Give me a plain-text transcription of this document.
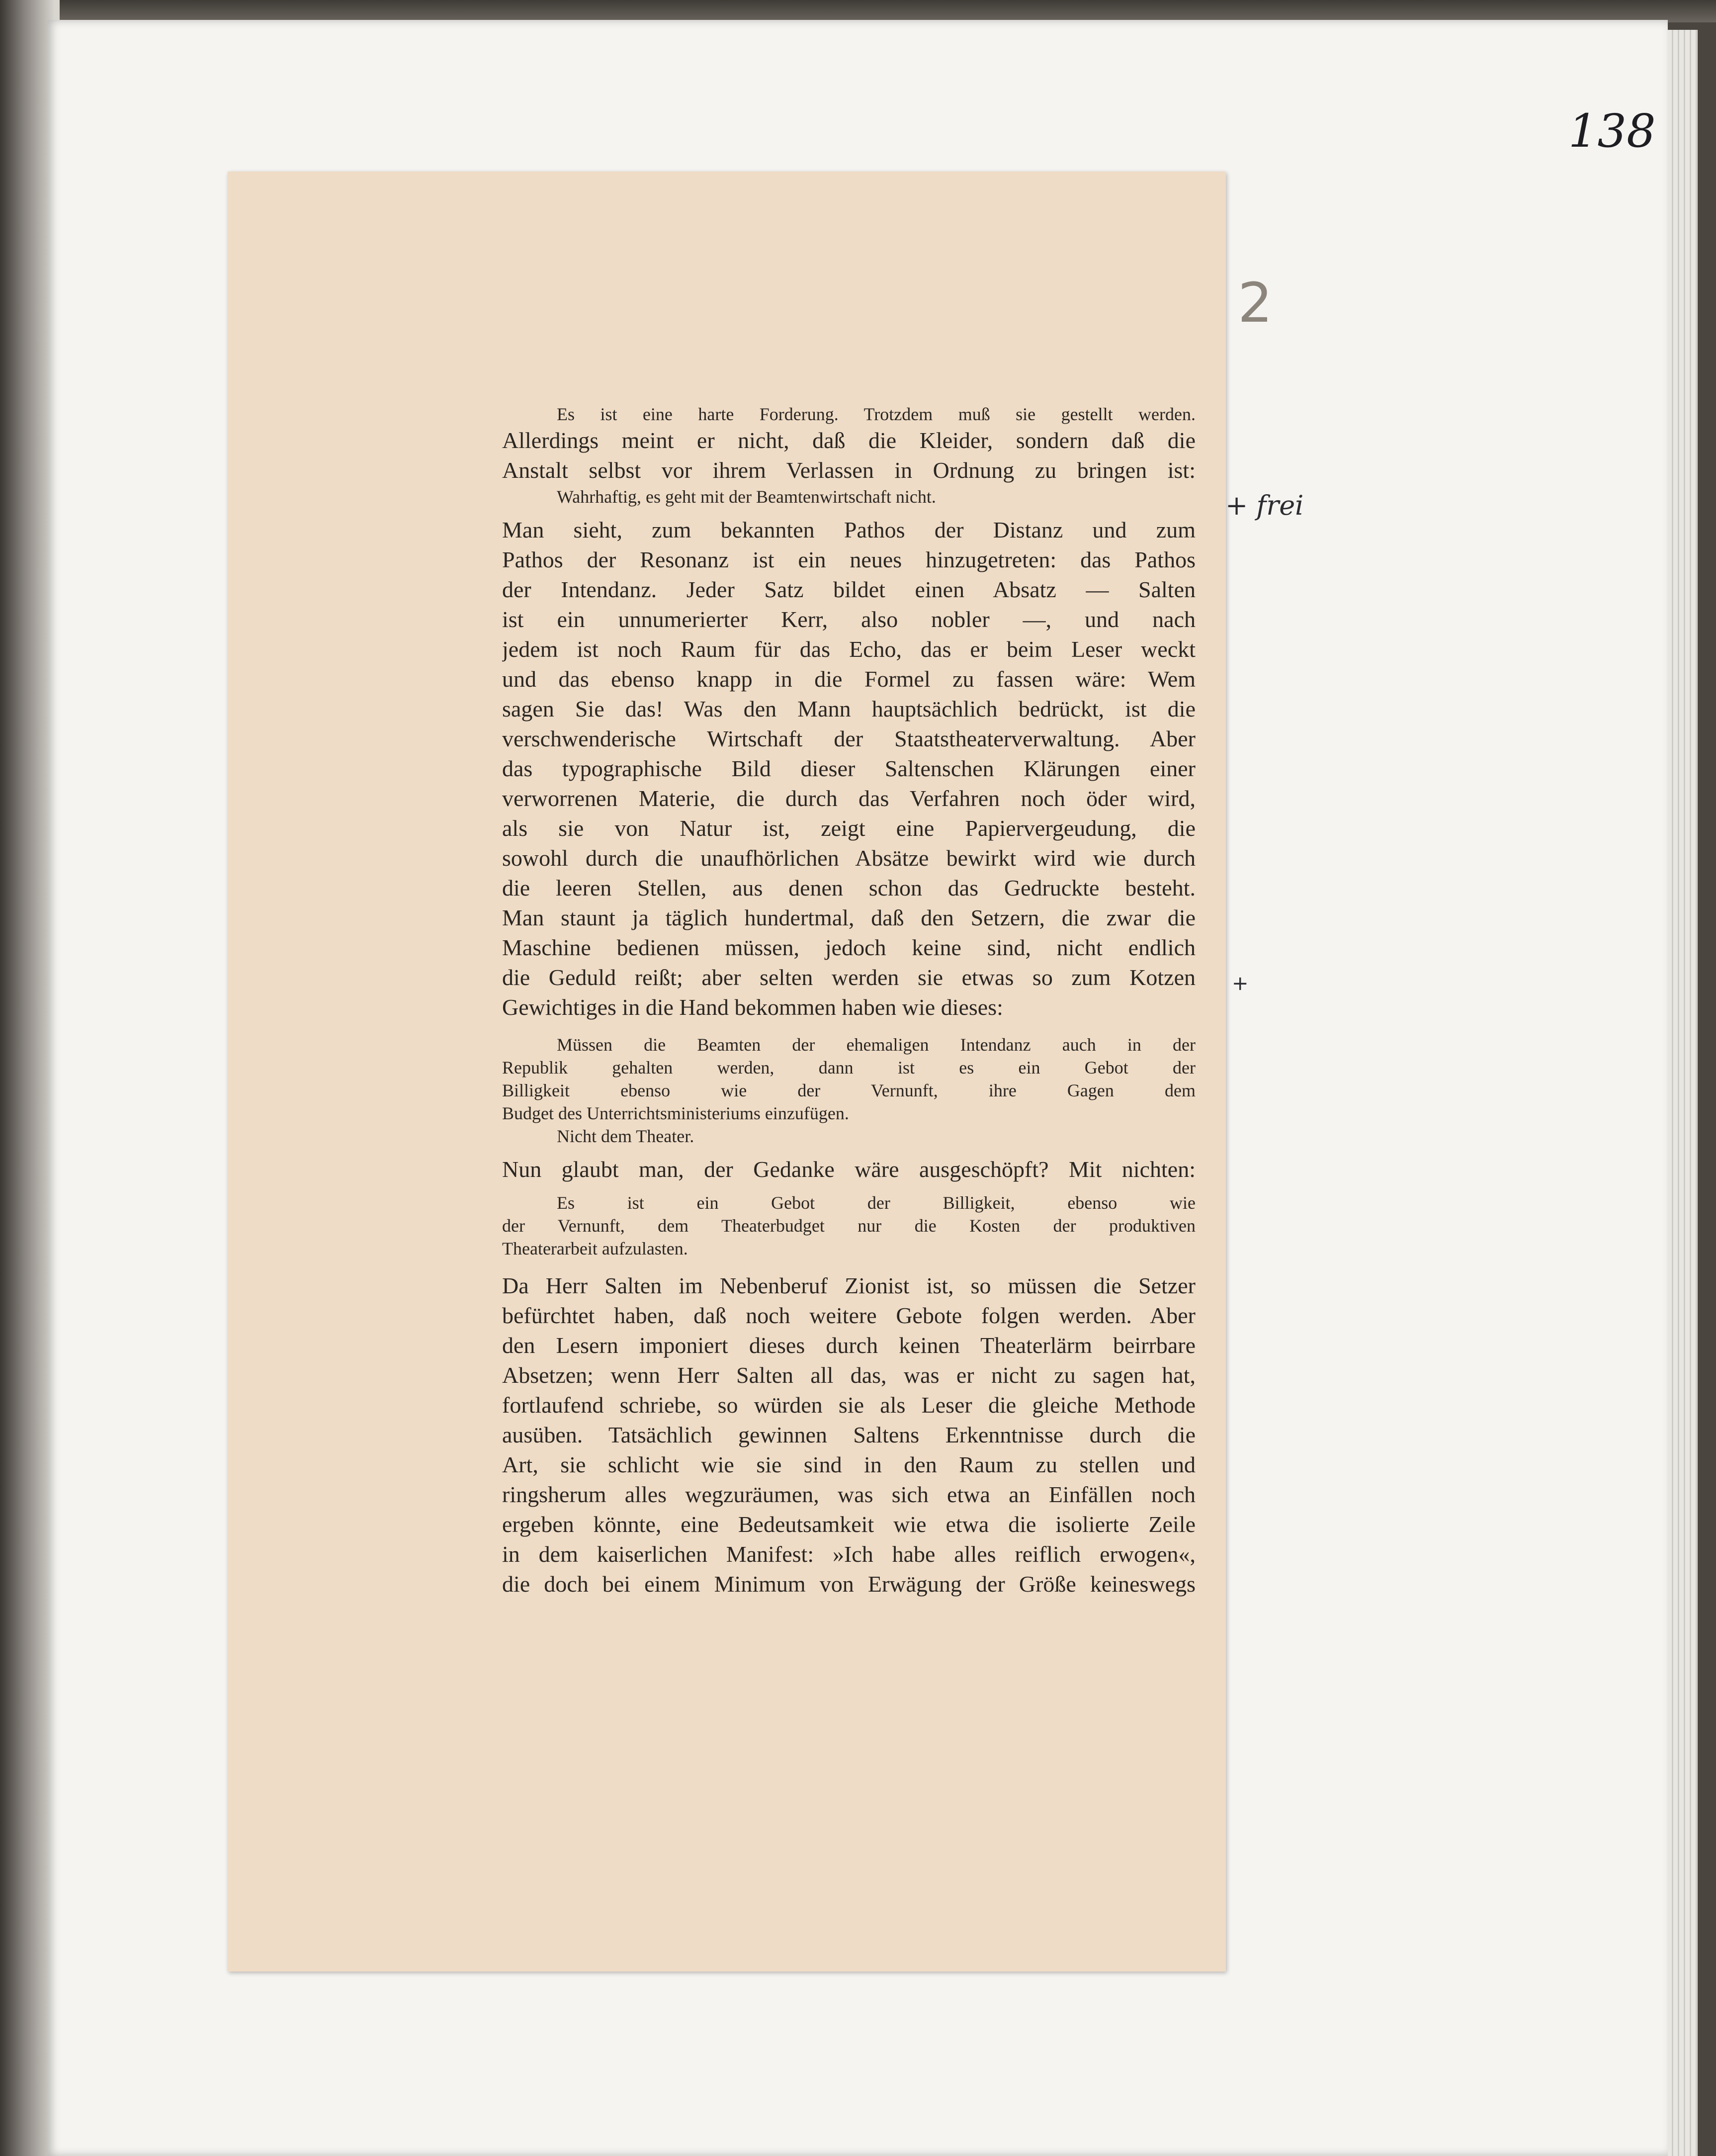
138
2
Es ist eine harte Forderung. Trotzdem muß sie gestellt werden.
Allerdings meint er nicht, daß die Kleider, sondern daß die
Anstalt selbst vor ihrem Verlassen in Ordnung zu bringen ist:
Wahrhaftig, es geht mit der Beamtenwirtschaft nicht.
Man sieht, zum bekannten Pathos der Distanz und zum
Pathos der Resonanz ist ein neues hinzugetreten: das Pathos
der Intendanz. Jeder Satz bildet einen Absatz — Salten
ist ein unnumerierter Kerr, also nobler —, und nach
jedem ist noch Raum für das Echo, das er beim Leser weckt
und das ebenso knapp in die Formel zu fassen wäre: Wem
sagen Sie das! Was den Mann hauptsächlich bedrückt, ist die
verschwenderische Wirtschaft der Staatstheaterverwaltung. Aber
das typographische Bild dieser Saltenschen Klärungen einer
verworrenen Materie, die durch das Verfahren noch öder wird,
als sie von Natur ist, zeigt eine Papiervergeudung, die
sowohl durch die unaufhörlichen Absätze bewirkt wird wie durch
die leeren Stellen, aus denen schon das Gedruckte besteht.
Man staunt ja täglich hundertmal, daß den Setzern, die zwar die
Maschine bedienen müssen, jedoch keine sind, nicht endlich
die Geduld reißt; aber selten werden sie etwas so zum Kotzen
Gewichtiges in die Hand bekommen haben wie dieses:
Müssen die Beamten der ehemaligen Intendanz auch in der
Republik gehalten werden, dann ist es ein Gebot der
Billigkeit ebenso wie der Vernunft, ihre Gagen dem
Budget des Unterrichtsministeriums einzufügen.
Nicht dem Theater.
Nun glaubt man, der Gedanke wäre ausgeschöpft? Mit nichten:
Es ist ein Gebot der Billigkeit, ebenso wie
der Vernunft, dem Theaterbudget nur die Kosten der produktiven
Theaterarbeit aufzulasten.
Da Herr Salten im Nebenberuf Zionist ist, so müssen die Setzer
befürchtet haben, daß noch weitere Gebote folgen werden. Aber
den Lesern imponiert dieses durch keinen Theaterlärm beirrbare
Absetzen; wenn Herr Salten all das, was er nicht zu sagen hat,
fortlaufend schriebe, so würden sie als Leser die gleiche Methode
ausüben. Tatsächlich gewinnen Saltens Erkenntnisse durch die
Art, sie schlicht wie sie sind in den Raum zu stellen und
ringsherum alles wegzuräumen, was sich etwa an Einfällen noch
ergeben könnte, eine Bedeutsamkeit wie etwa die isolierte Zeile
in dem kaiserlichen Manifest: »Ich habe alles reiflich erwogen«,
die doch bei einem Minimum von Erwägung der Größe keineswegs
+ frei
+
